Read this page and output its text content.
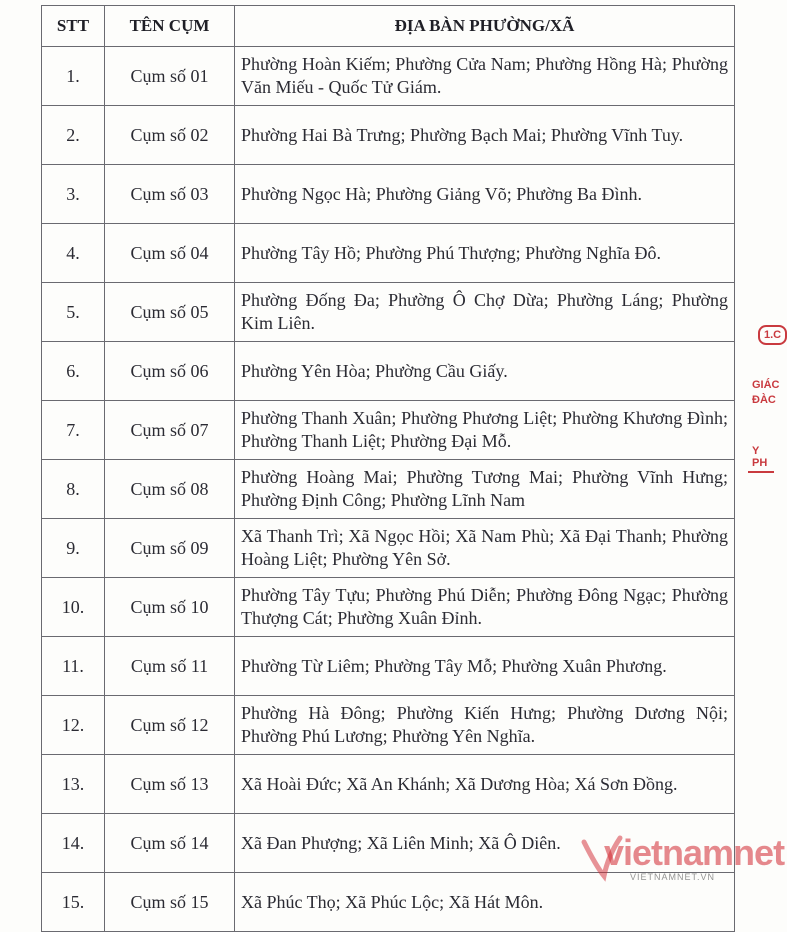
STT	TÊN CỤM	ĐỊA BÀN PHƯỜNG/XÃ
1.	Cụm số 01	Phường Hoàn Kiếm; Phường Cửa Nam; Phường Hồng Hà; Phường Văn Miếu - Quốc Tử Giám.
2.	Cụm số 02	Phường Hai Bà Trưng; Phường Bạch Mai; Phường Vĩnh Tuy.
3.	Cụm số 03	Phường Ngọc Hà; Phường Giảng Võ; Phường Ba Đình.
4.	Cụm số 04	Phường Tây Hồ; Phường Phú Thượng; Phường Nghĩa Đô.
5.	Cụm số 05	Phường Đống Đa; Phường Ô Chợ Dừa; Phường Láng; Phường Kim Liên.
6.	Cụm số 06	Phường Yên Hòa; Phường Cầu Giấy.
7.	Cụm số 07	Phường Thanh Xuân; Phường Phương Liệt; Phường Khương Đình; Phường Thanh Liệt; Phường Đại Mỗ.
8.	Cụm số 08	Phường Hoàng Mai; Phường Tương Mai; Phường Vĩnh Hưng; Phường Định Công; Phường Lĩnh Nam
9.	Cụm số 09	Xã Thanh Trì; Xã Ngọc Hồi; Xã Nam Phù; Xã Đại Thanh; Phường Hoàng Liệt; Phường Yên Sở.
10.	Cụm số 10	Phường Tây Tựu; Phường Phú Diễn; Phường Đông Ngạc; Phường Thượng Cát; Phường Xuân Đỉnh.
11.	Cụm số 11	Phường Từ Liêm; Phường Tây Mỗ; Phường Xuân Phương.
12.	Cụm số 12	Phường Hà Đông; Phường Kiến Hưng; Phường Dương Nội; Phường Phú Lương; Phường Yên Nghĩa.
13.	Cụm số 13	Xã Hoài Đức; Xã An Khánh; Xã Dương Hòa; Xá Sơn Đồng.
14.	Cụm số 14	Xã Đan Phượng; Xã Liên Minh; Xã Ô Diên.
15.	Cụm số 15	Xã Phúc Thọ; Xã Phúc Lộc; Xã Hát Môn.
1.C
GIÁC
ĐÀC
Y PH
vietnamnet
VIETNAMNET.VN
